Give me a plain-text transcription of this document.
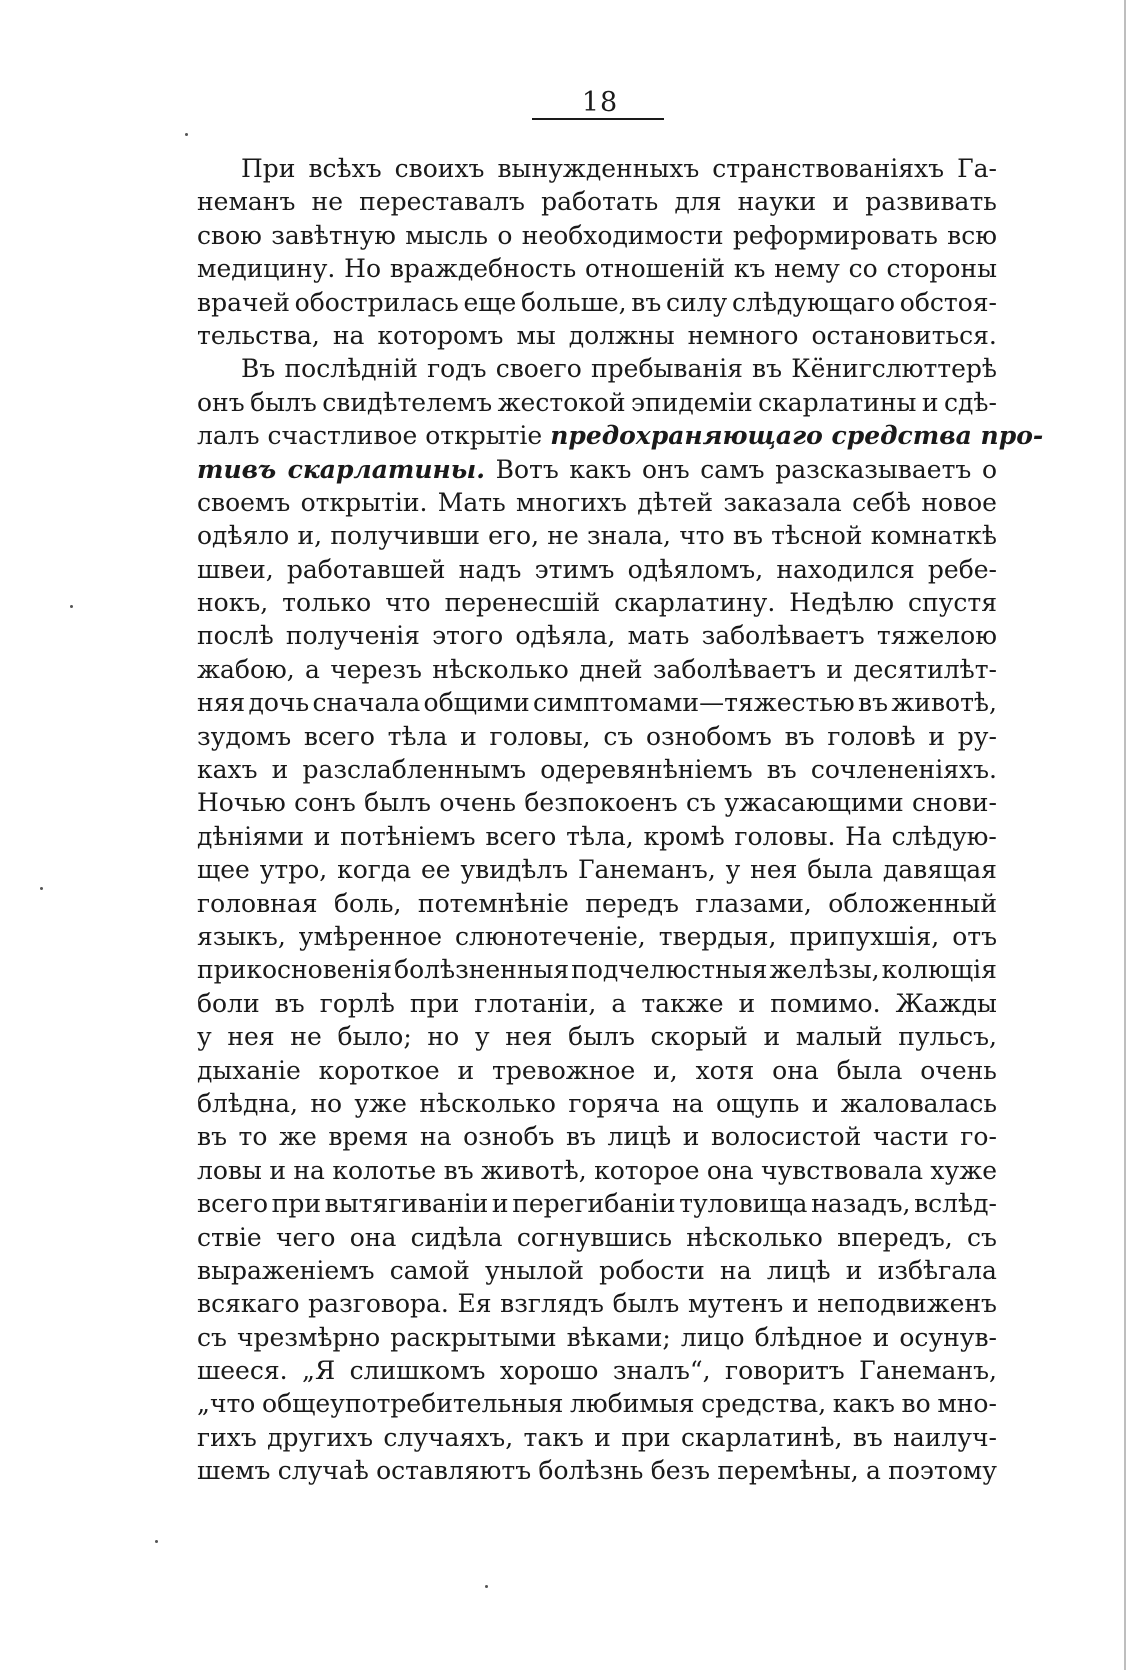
18
При всѣхъ своихъ вынужденныхъ странствованіяхъ Га-
неманъ не переставалъ работать для науки и развивать
свою завѣтную мысль о необходимости реформировать всю
медицину. Но враждебность отношеній къ нему со стороны
врачей обострилась еще больше, въ силу слѣдующаго обстоя-
тельства, на которомъ мы должны немного остановиться.
Въ послѣдній годъ своего пребыванія въ Кёнигслюттерѣ
онъ былъ свидѣтелемъ жестокой эпидеміи скарлатины и сдѣ-
лалъ счастливое открытіе предохраняющаго средства про-
тивъ скарлатины. Вотъ какъ онъ самъ разсказываетъ о
своемъ открытіи. Мать многихъ дѣтей заказала себѣ новое
одѣяло и, получивши его, не знала, что въ тѣсной комнаткѣ
швеи, работавшей надъ этимъ одѣяломъ, находился ребе-
нокъ, только что перенесшій скарлатину. Недѣлю спустя
послѣ полученія этого одѣяла, мать заболѣваетъ тяжелою
жабою, а черезъ нѣсколько дней заболѣваетъ и десятилѣт-
няя дочь сначала общими симптомами—тяжестью въ животѣ,
зудомъ всего тѣла и головы, съ ознобомъ въ головѣ и ру-
кахъ и разслабленнымъ одеревянѣніемъ въ сочлененіяхъ.
Ночью сонъ былъ очень безпокоенъ съ ужасающими снови-
дѣніями и потѣніемъ всего тѣла, кромѣ головы. На слѣдую-
щее утро, когда ее увидѣлъ Ганеманъ, у нея была давящая
головная боль, потемнѣніе передъ глазами, обложенный
языкъ, умѣренное слюнотеченіе, твердыя, припухшія, отъ
прикосновенія болѣзненныя подчелюстныя желѣзы, колющія
боли въ горлѣ при глотаніи, а также и помимо. Жажды
у нея не было; но у нея былъ скорый и малый пульсъ,
дыханіе короткое и тревожное и, хотя она была очень
блѣдна, но уже нѣсколько горяча на ощупь и жаловалась
въ то же время на ознобъ въ лицѣ и волосистой части го-
ловы и на колотье въ животѣ, которое она чувствовала хуже
всего при вытягиваніи и перегибаніи туловища назадъ, вслѣд-
ствіе чего она сидѣла согнувшись нѣсколько впередъ, съ
выраженіемъ самой унылой робости на лицѣ и избѣгала
всякаго разговора. Ея взглядъ былъ мутенъ и неподвиженъ
съ чрезмѣрно раскрытыми вѣками; лицо блѣдное и осунув-
шееся. „Я слишкомъ хорошо зналъ“, говоритъ Ганеманъ,
„что общеупотребительныя любимыя средства, какъ во мно-
гихъ другихъ случаяхъ, такъ и при скарлатинѣ, въ наилуч-
шемъ случаѣ оставляютъ болѣзнь безъ перемѣны, а поэтому
